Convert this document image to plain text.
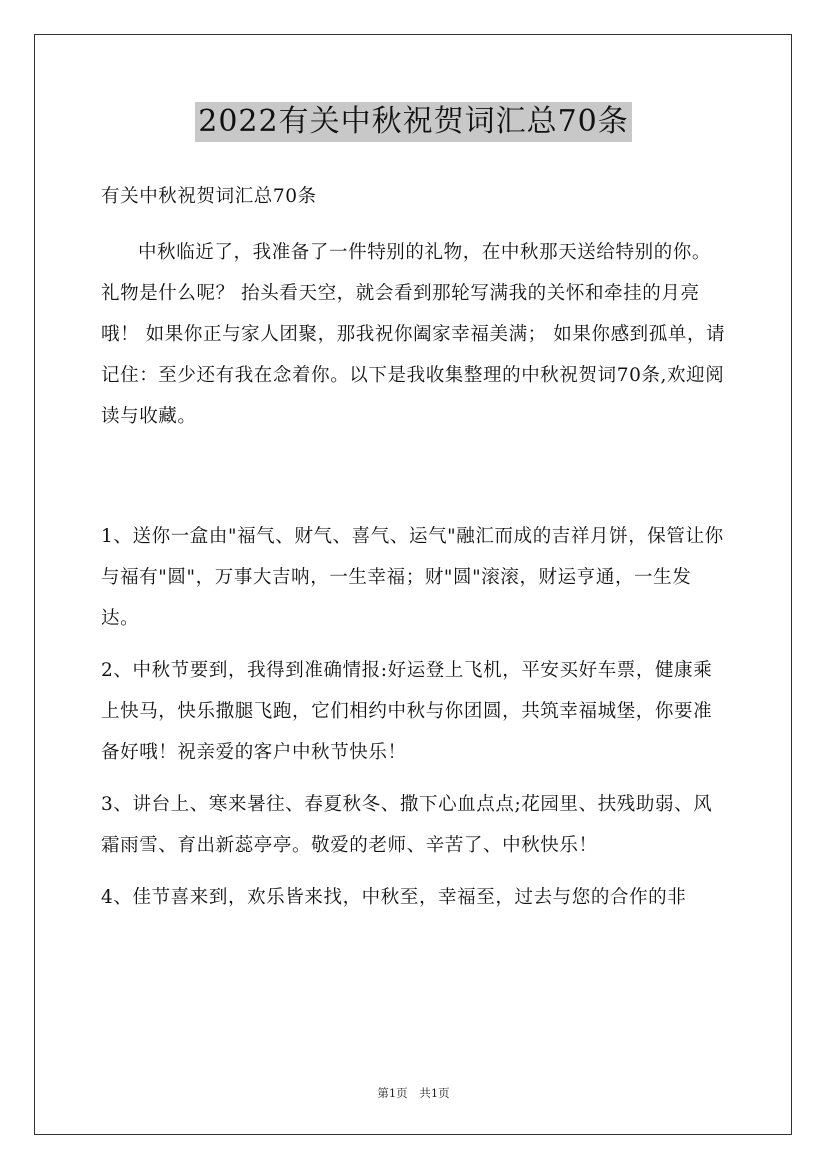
2022有关中秋祝贺词汇总70条

有关中秋祝贺词汇总70条

中秋临近了，我准备了一件特别的礼物，在中秋那天送给特别的你。礼物是什么呢？ 抬头看天空，就会看到那轮写满我的关怀和牵挂的月亮哦！ 如果你正与家人团聚，那我祝你阖家幸福美满； 如果你感到孤单，请记住：至少还有我在念着你。以下是我收集整理的中秋祝贺词70条,欢迎阅读与收藏。

1、送你一盒由"福气、财气、喜气、运气"融汇而成的吉祥月饼，保管让你与福有"圆"，万事大吉呐，一生幸福；财"圆"滚滚，财运亨通，一生发达。

2、中秋节要到，我得到准确情报:好运登上飞机，平安买好车票，健康乘上快马，快乐撒腿飞跑，它们相约中秋与你团圆，共筑幸福城堡，你要准备好哦！祝亲爱的客户中秋节快乐！

3、讲台上、寒来暑往、春夏秋冬、撒下心血点点;花园里、扶残助弱、风霜雨雪、育出新蕊亭亭。敬爱的老师、辛苦了、中秋快乐！

4、佳节喜来到，欢乐皆来找，中秋至，幸福至，过去与您的合作的非

第1页 共1页
